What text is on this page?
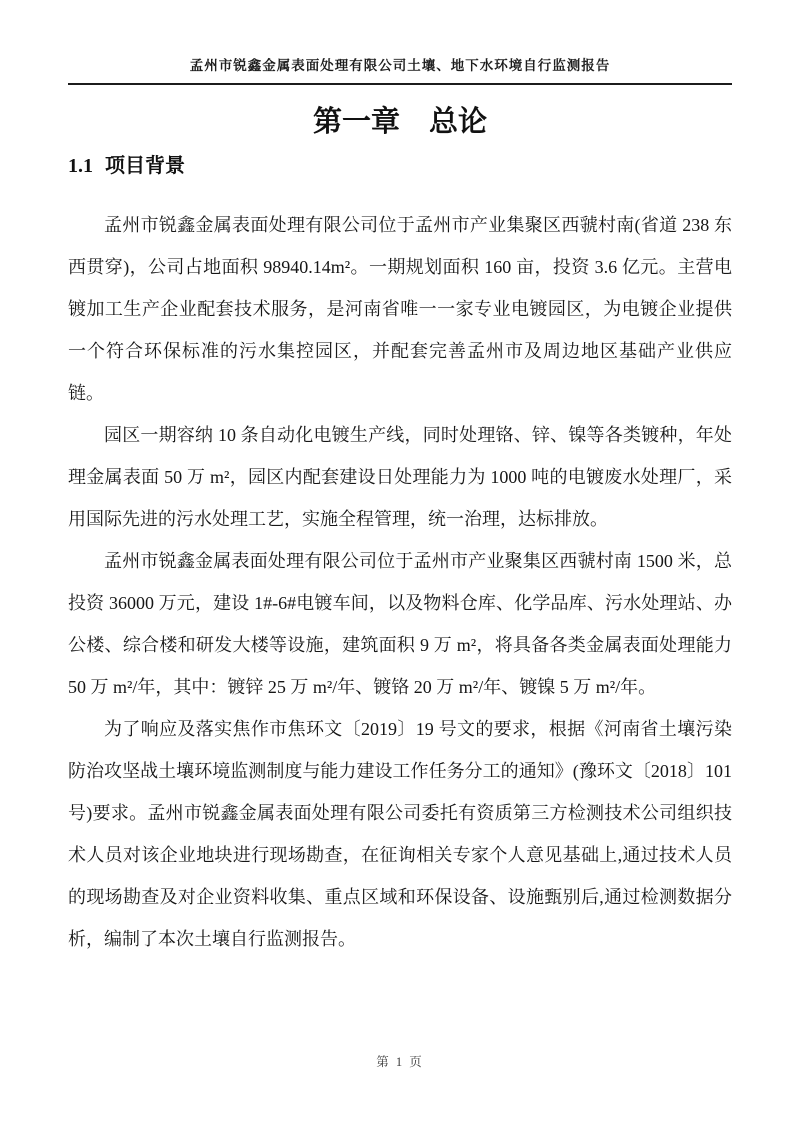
孟州市锐鑫金属表面处理有限公司土壤、地下水环境自行监测报告
第一章　总论
1.1 项目背景

孟州市锐鑫金属表面处理有限公司位于孟州市产业集聚区西虢村南(省道 238 东西贯穿)，公司占地面积 98940.14m²。一期规划面积 160 亩，投资 3.6 亿元。主营电镀加工生产企业配套技术服务，是河南省唯一一家专业电镀园区，为电镀企业提供一个符合环保标准的污水集控园区，并配套完善孟州市及周边地区基础产业供应链。

园区一期容纳 10 条自动化电镀生产线，同时处理铬、锌、镍等各类镀种，年处理金属表面 50 万 m²，园区内配套建设日处理能力为 1000 吨的电镀废水处理厂，采用国际先进的污水处理工艺，实施全程管理，统一治理，达标排放。

孟州市锐鑫金属表面处理有限公司位于孟州市产业聚集区西虢村南 1500 米，总投资 36000 万元，建设 1#-6#电镀车间，以及物料仓库、化学品库、污水处理站、办公楼、综合楼和研发大楼等设施，建筑面积 9 万 m²，将具备各类金属表面处理能力 50 万 m²/年，其中：镀锌 25 万 m²/年、镀铬 20 万 m²/年、镀镍 5 万 m²/年。

为了响应及落实焦作市焦环文〔2019〕19 号文的要求，根据《河南省土壤污染防治攻坚战土壤环境监测制度与能力建设工作任务分工的通知》(豫环文〔2018〕101 号)要求。孟州市锐鑫金属表面处理有限公司委托有资质第三方检测技术公司组织技术人员对该企业地块进行现场勘查，在征询相关专家个人意见基础上,通过技术人员的现场勘查及对企业资料收集、重点区域和环保设备、设施甄别后,通过检测数据分析，编制了本次土壤自行监测报告。

第 1 页
